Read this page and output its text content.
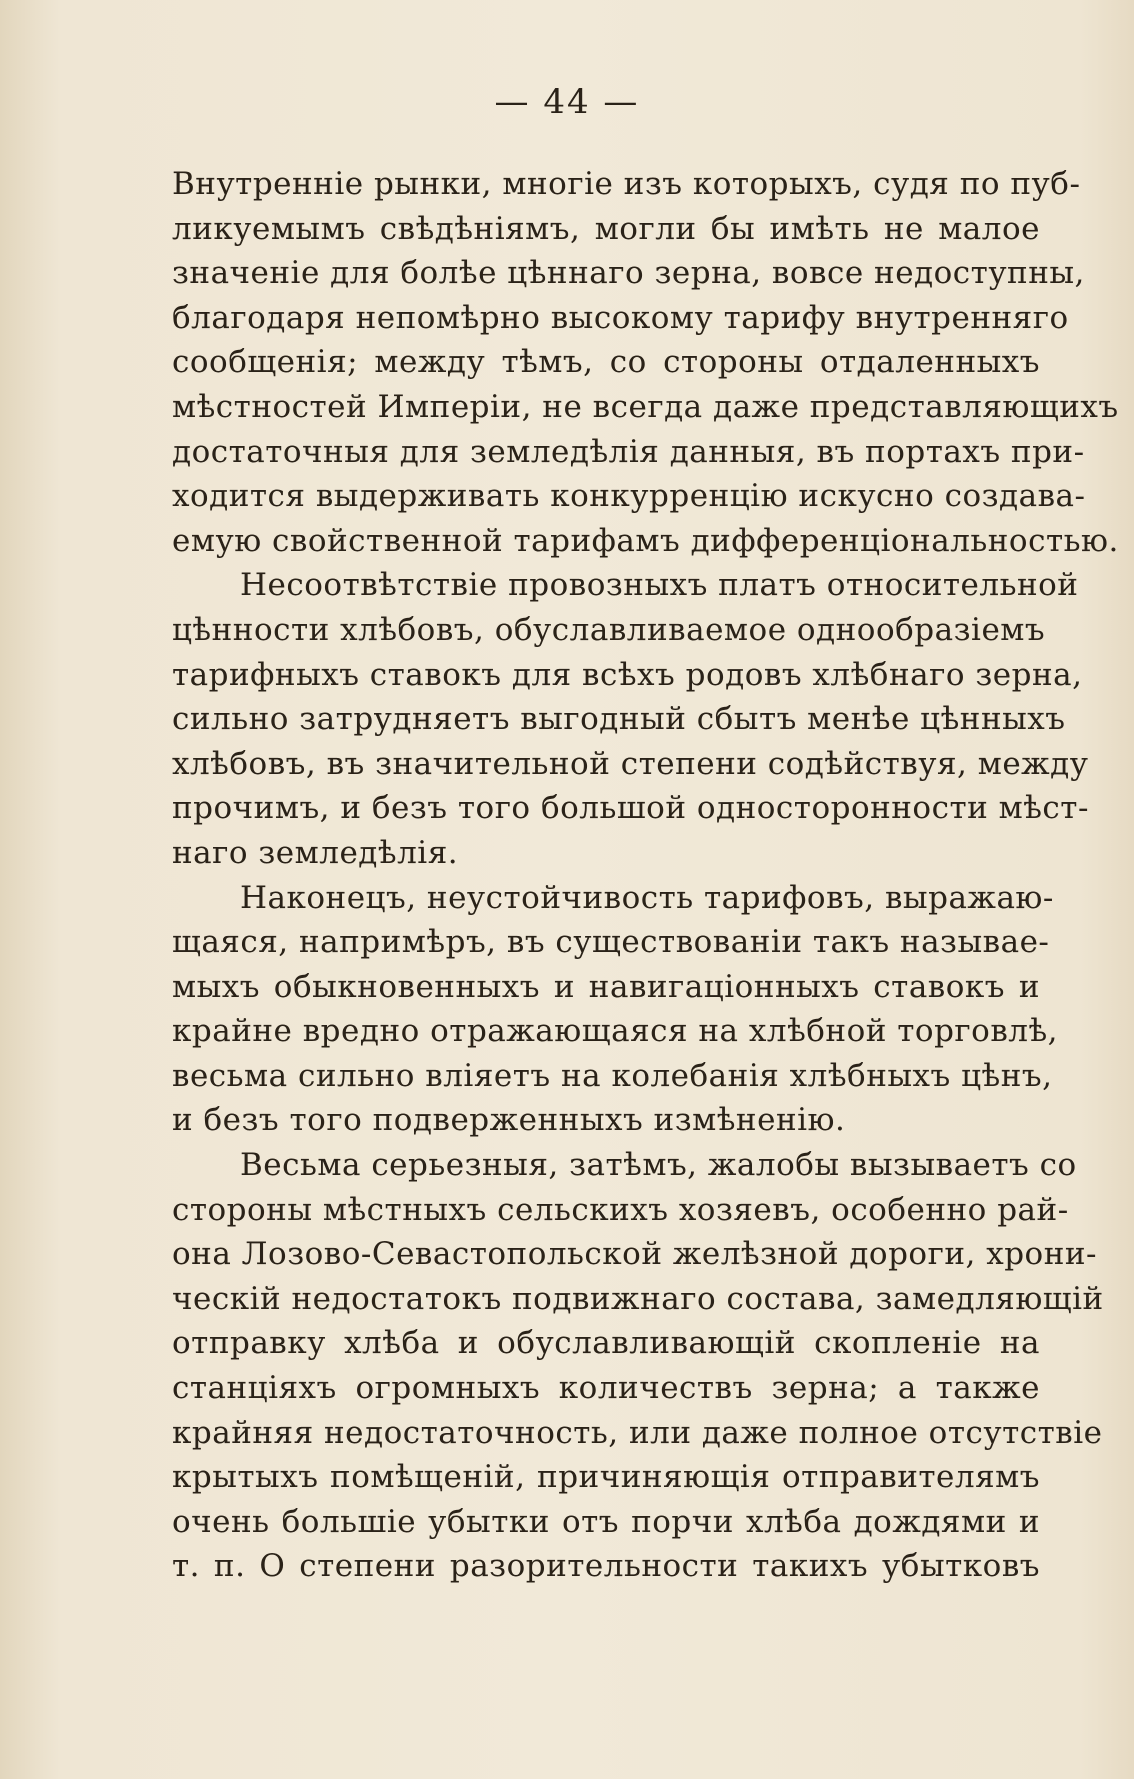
— 44 —
Внутреннiе рынки, многiе изъ которыхъ, судя по пуб-
ликуемымъ свѣдѣнiямъ, могли бы имѣть не малое
значенiе для болѣе цѣннаго зерна, вовсе недоступны,
благодаря непомѣрно высокому тарифу внутренняго
сообщенiя; между тѣмъ, со стороны отдаленныхъ
мѣстностей Имперiи, не всегда даже представляющихъ
достаточныя для земледѣлiя данныя, въ портахъ при-
ходится выдерживать конкурренцiю искусно создава-
емую свойственной тарифамъ дифференцiональностью.
Несоотвѣтствiе провозныхъ платъ относительной
цѣнности хлѣбовъ, обуславливаемое однообразiемъ
тарифныхъ ставокъ для всѣхъ родовъ хлѣбнаго зерна,
сильно затрудняетъ выгодный сбытъ менѣе цѣнныхъ
хлѣбовъ, въ значительной степени содѣйствуя, между
прочимъ, и безъ того большой односторонности мѣст-
наго земледѣлiя.
Наконецъ, неустойчивость тарифовъ, выражаю-
щаяся, напримѣръ, въ существованiи такъ называе-
мыхъ обыкновенныхъ и навигацiонныхъ ставокъ и
крайне вредно отражающаяся на хлѣбной торговлѣ,
весьма сильно влiяетъ на колебанiя хлѣбныхъ цѣнъ,
и безъ того подверженныхъ измѣненiю.
Весьма серьезныя, затѣмъ, жалобы вызываетъ со
стороны мѣстныхъ сельскихъ хозяевъ, особенно рай-
она Лозово-Севастопольской желѣзной дороги, хрони-
ческiй недостатокъ подвижнаго состава, замедляющiй
отправку хлѣба и обуславливающiй скопленiе на
станцiяхъ огромныхъ количествъ зерна; а также
крайняя недостаточность, или даже полное отсутствiе
крытыхъ помѣщенiй, причиняющiя отправителямъ
очень большiе убытки отъ порчи хлѣба дождями и
т. п. О степени разорительности такихъ убытковъ
